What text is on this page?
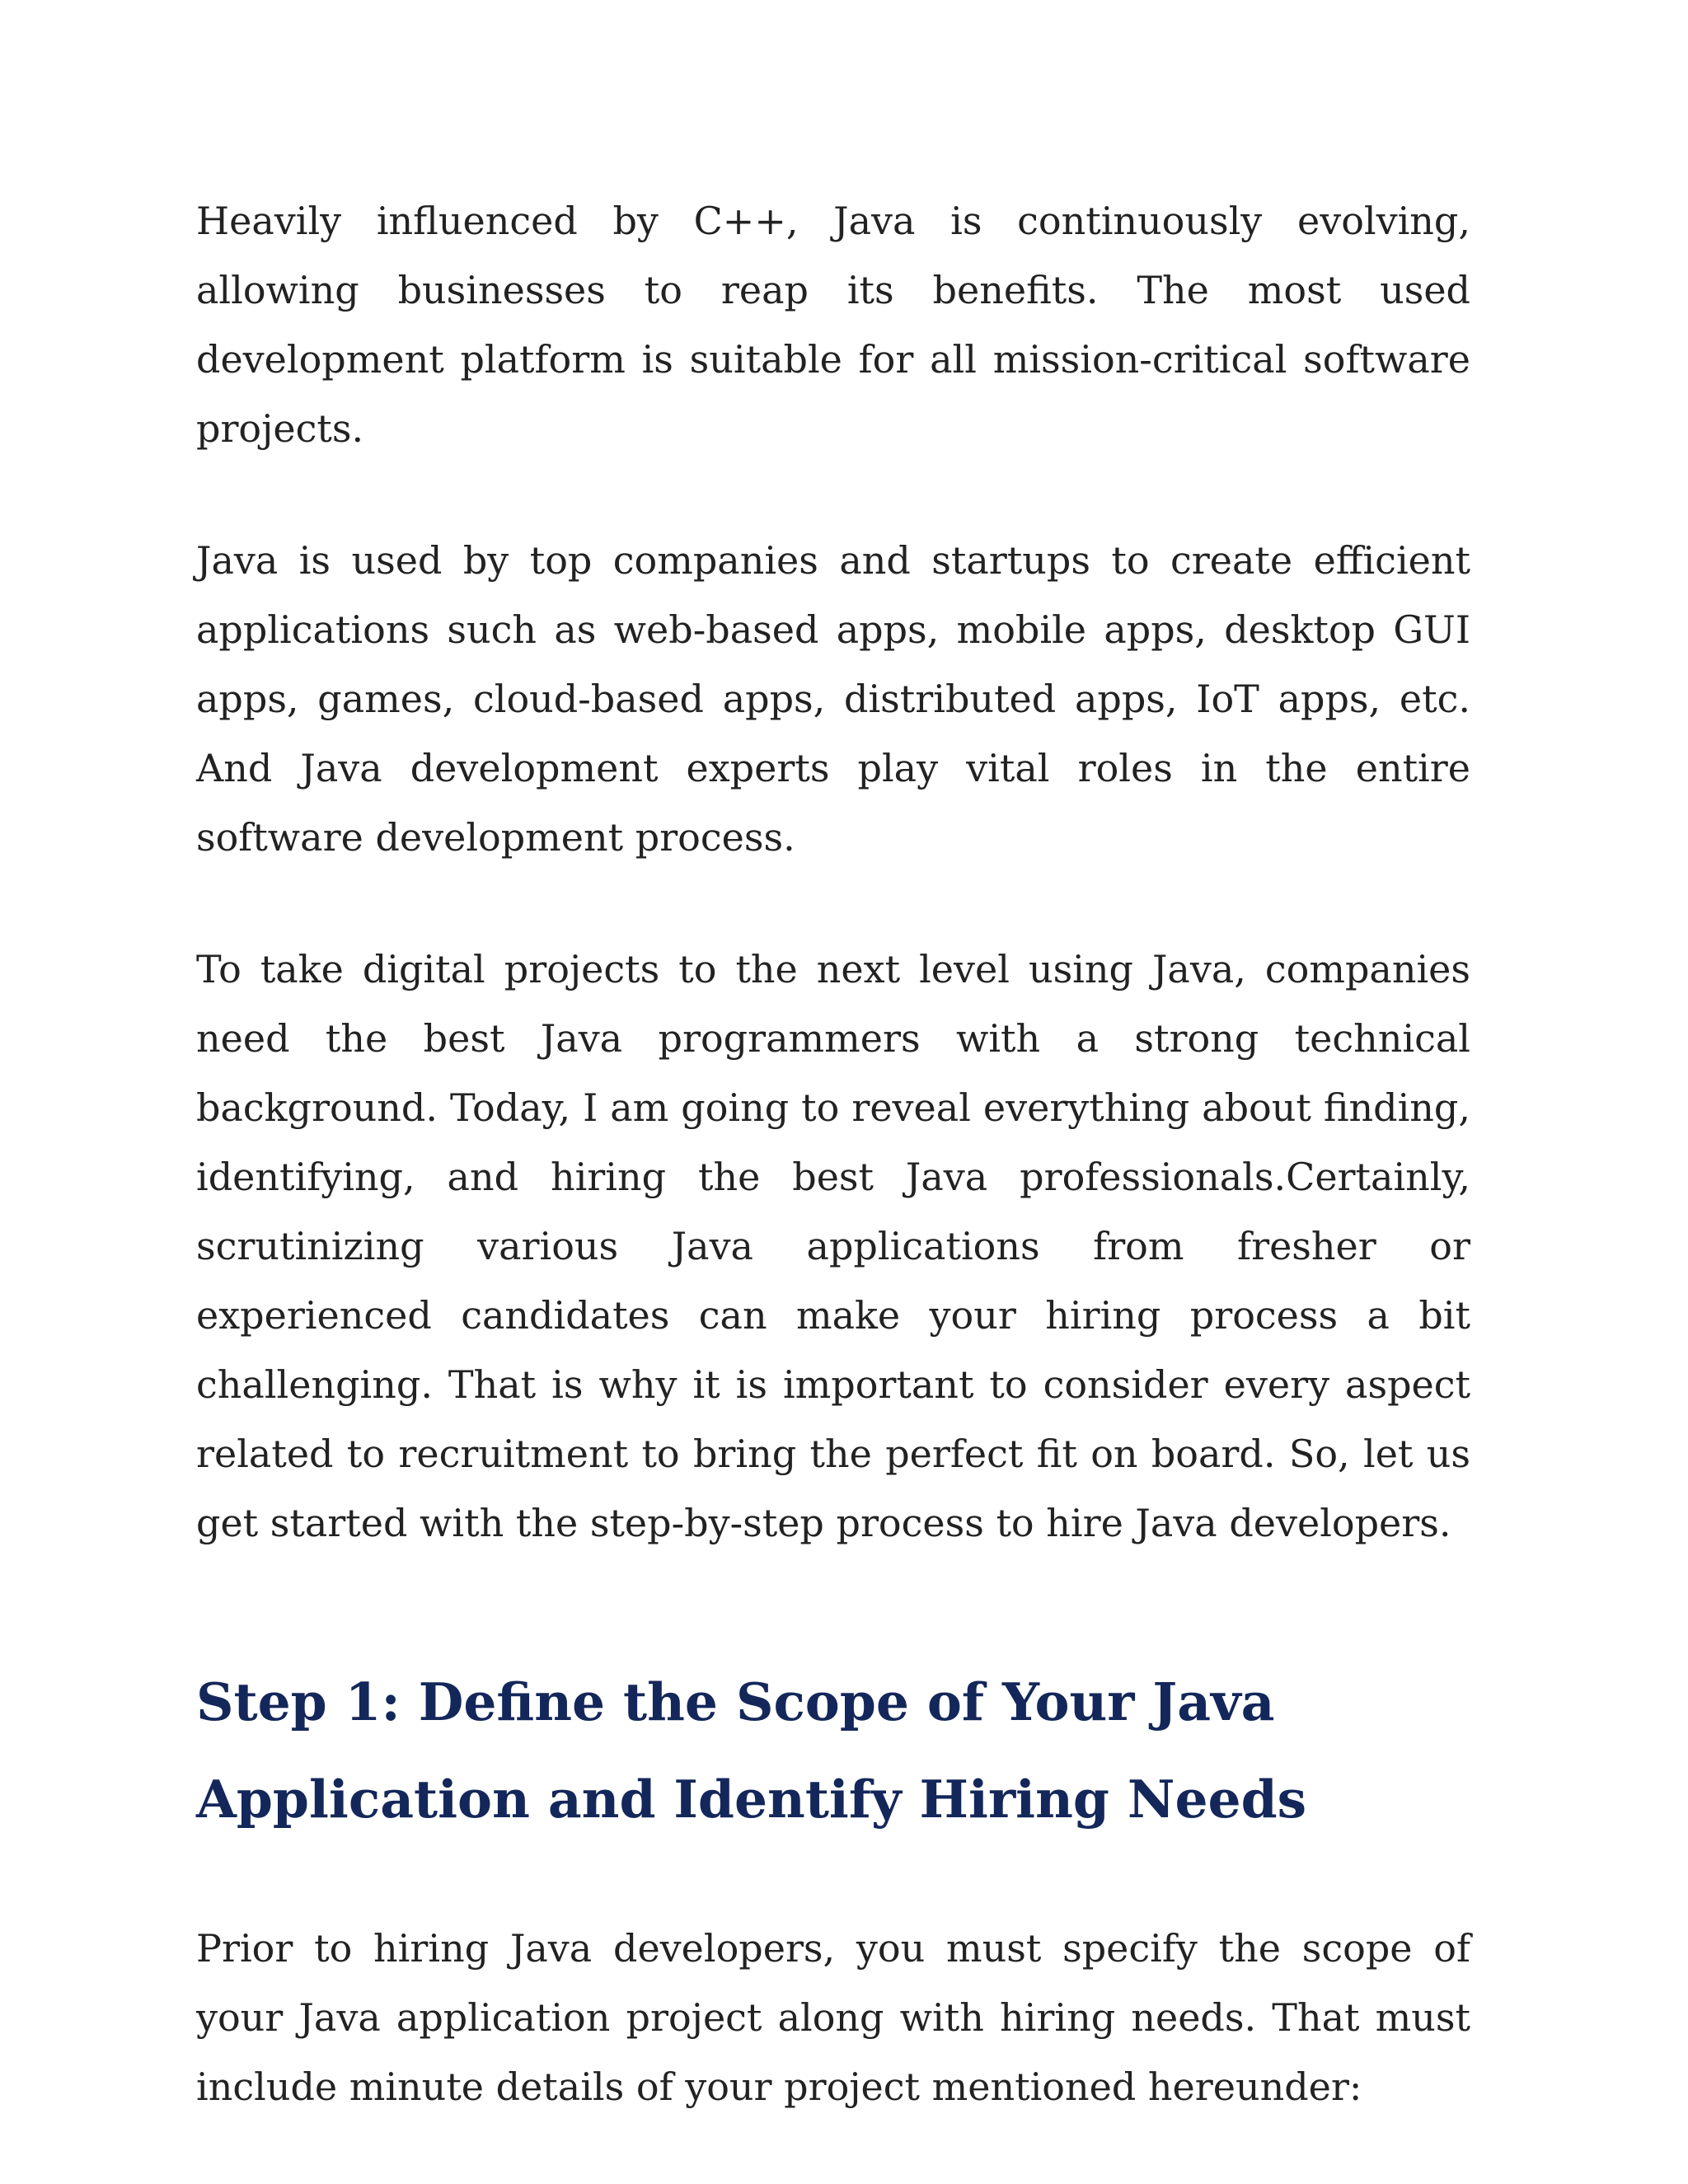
Heavily influenced by C++, Java is continuously evolving, allowing businesses to reap its benefits. The most used development platform is suitable for all mission-critical software projects.

Java is used by top companies and startups to create efficient applications such as web-based apps, mobile apps, desktop GUI apps, games, cloud-based apps, distributed apps, IoT apps, etc. And Java development experts play vital roles in the entire software development process.

To take digital projects to the next level using Java, companies need the best Java programmers with a strong technical background. Today, I am going to reveal everything about finding, identifying, and hiring the best Java professionals.Certainly, scrutinizing various Java applications from fresher or experienced candidates can make your hiring process a bit challenging. That is why it is important to consider every aspect related to recruitment to bring the perfect fit on board. So, let us get started with the step-by-step process to hire Java developers.

Step 1: Define the Scope of Your Java Application and Identify Hiring Needs

Prior to hiring Java developers, you must specify the scope of your Java application project along with hiring needs. That must include minute details of your project mentioned hereunder:
